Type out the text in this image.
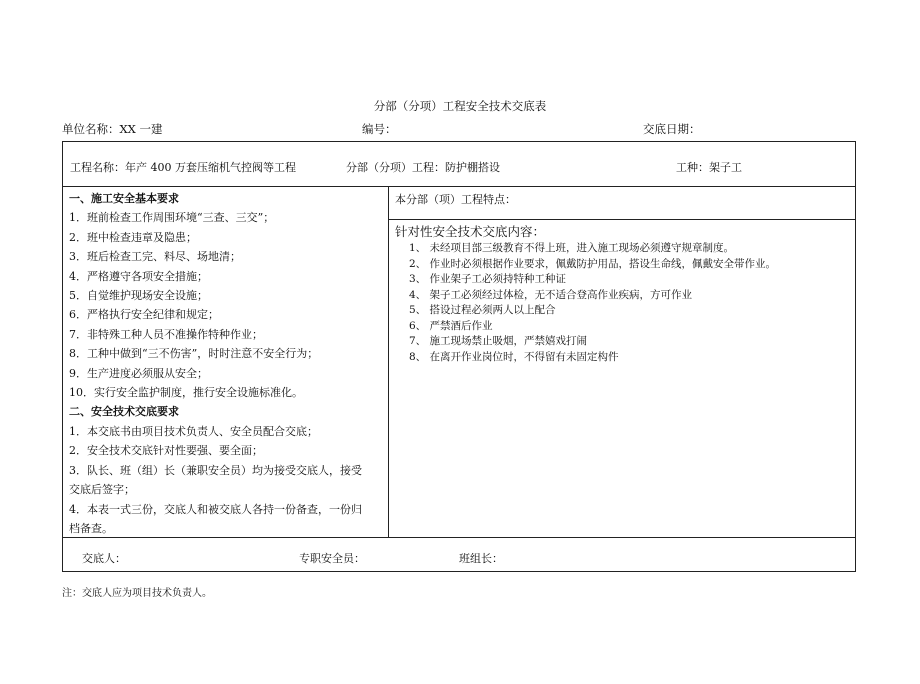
分部（分项）工程安全技术交底表
单位名称：XX 一建	编号：	交底日期：
工程名称：年产 400 万套压缩机气控阀等工程	分部（分项）工程：防护棚搭设	工种：架子工
一、施工安全基本要求
1．班前检查工作周围环境“三查、三交”；
2．班中检查违章及隐患；
3．班后检查工完、料尽、场地清；
4．严格遵守各项安全措施；
5．自觉维护现场安全设施；
6．严格执行安全纪律和规定；
7．非特殊工种人员不准操作特种作业；
8．工种中做到“三不伤害”，时时注意不安全行为；
9．生产进度必须服从安全；
10．实行安全监护制度，推行安全设施标准化。
二、安全技术交底要求
1．本交底书由项目技术负责人、安全员配合交底；
2．安全技术交底针对性要强、要全面；
3．队长、班（组）长（兼职安全员）均为接受交底人，接受
交底后签字；
4．本表一式三份，交底人和被交底人各持一份备查，一份归
档备查。
本分部（项）工程特点：
针对性安全技术交底内容：
1、 未经项目部三级教育不得上班，进入施工现场必须遵守规章制度。
2、 作业时必须根据作业要求，佩戴防护用品，搭设生命线，佩戴安全带作业。
3、 作业架子工必须持特种工种证
4、 架子工必须经过体检，无不适合登高作业疾病，方可作业
5、 搭设过程必须两人以上配合
6、 严禁酒后作业
7、 施工现场禁止吸烟，严禁嬉戏打闹
8、 在离开作业岗位时，不得留有未固定构件
交底人：	专职安全员：	班组长：
注：交底人应为项目技术负责人。
